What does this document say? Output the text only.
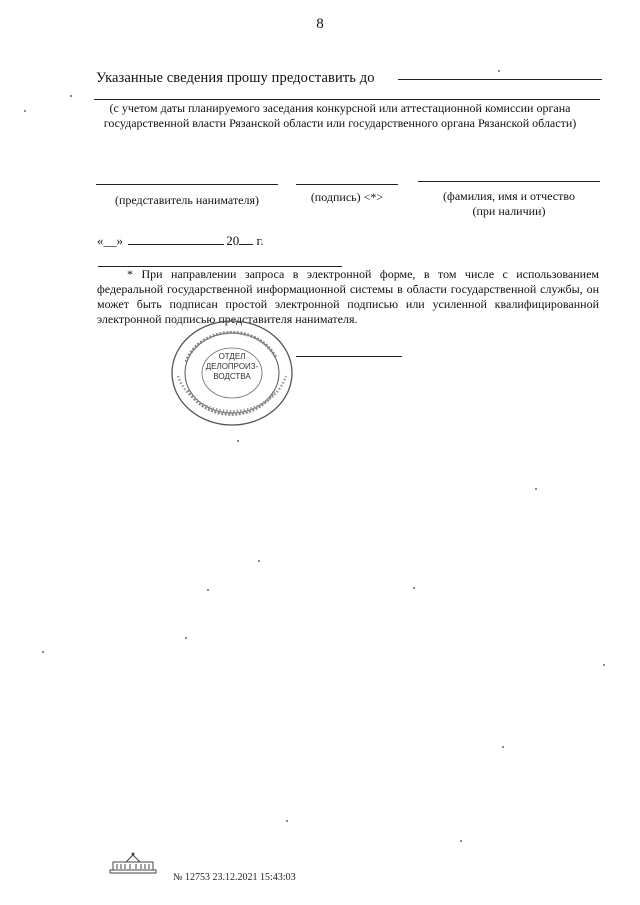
8
Указанные сведения прошу предоставить до
(с учетом даты планируемого заседания конкурсной или аттестационной комиссии органа государственной власти Рязанской области или государственного органа Рязанской области)
(представитель нанимателя)	(подпись) <*>	(фамилия, имя и отчество
(при наличии)
«__»	20 г.
* При направлении запроса в электронной форме, в том числе с использованием федеральной государственной информационной системы в области государственной службы, он может быть подписан простой электронной подписью или усиленной квалифицированной электронной подписью представителя нанимателя.
ОТДЕЛ
ДЕЛОПРОИЗ-
ВОДСТВА
№ 12753 23.12.2021 15:43:03
